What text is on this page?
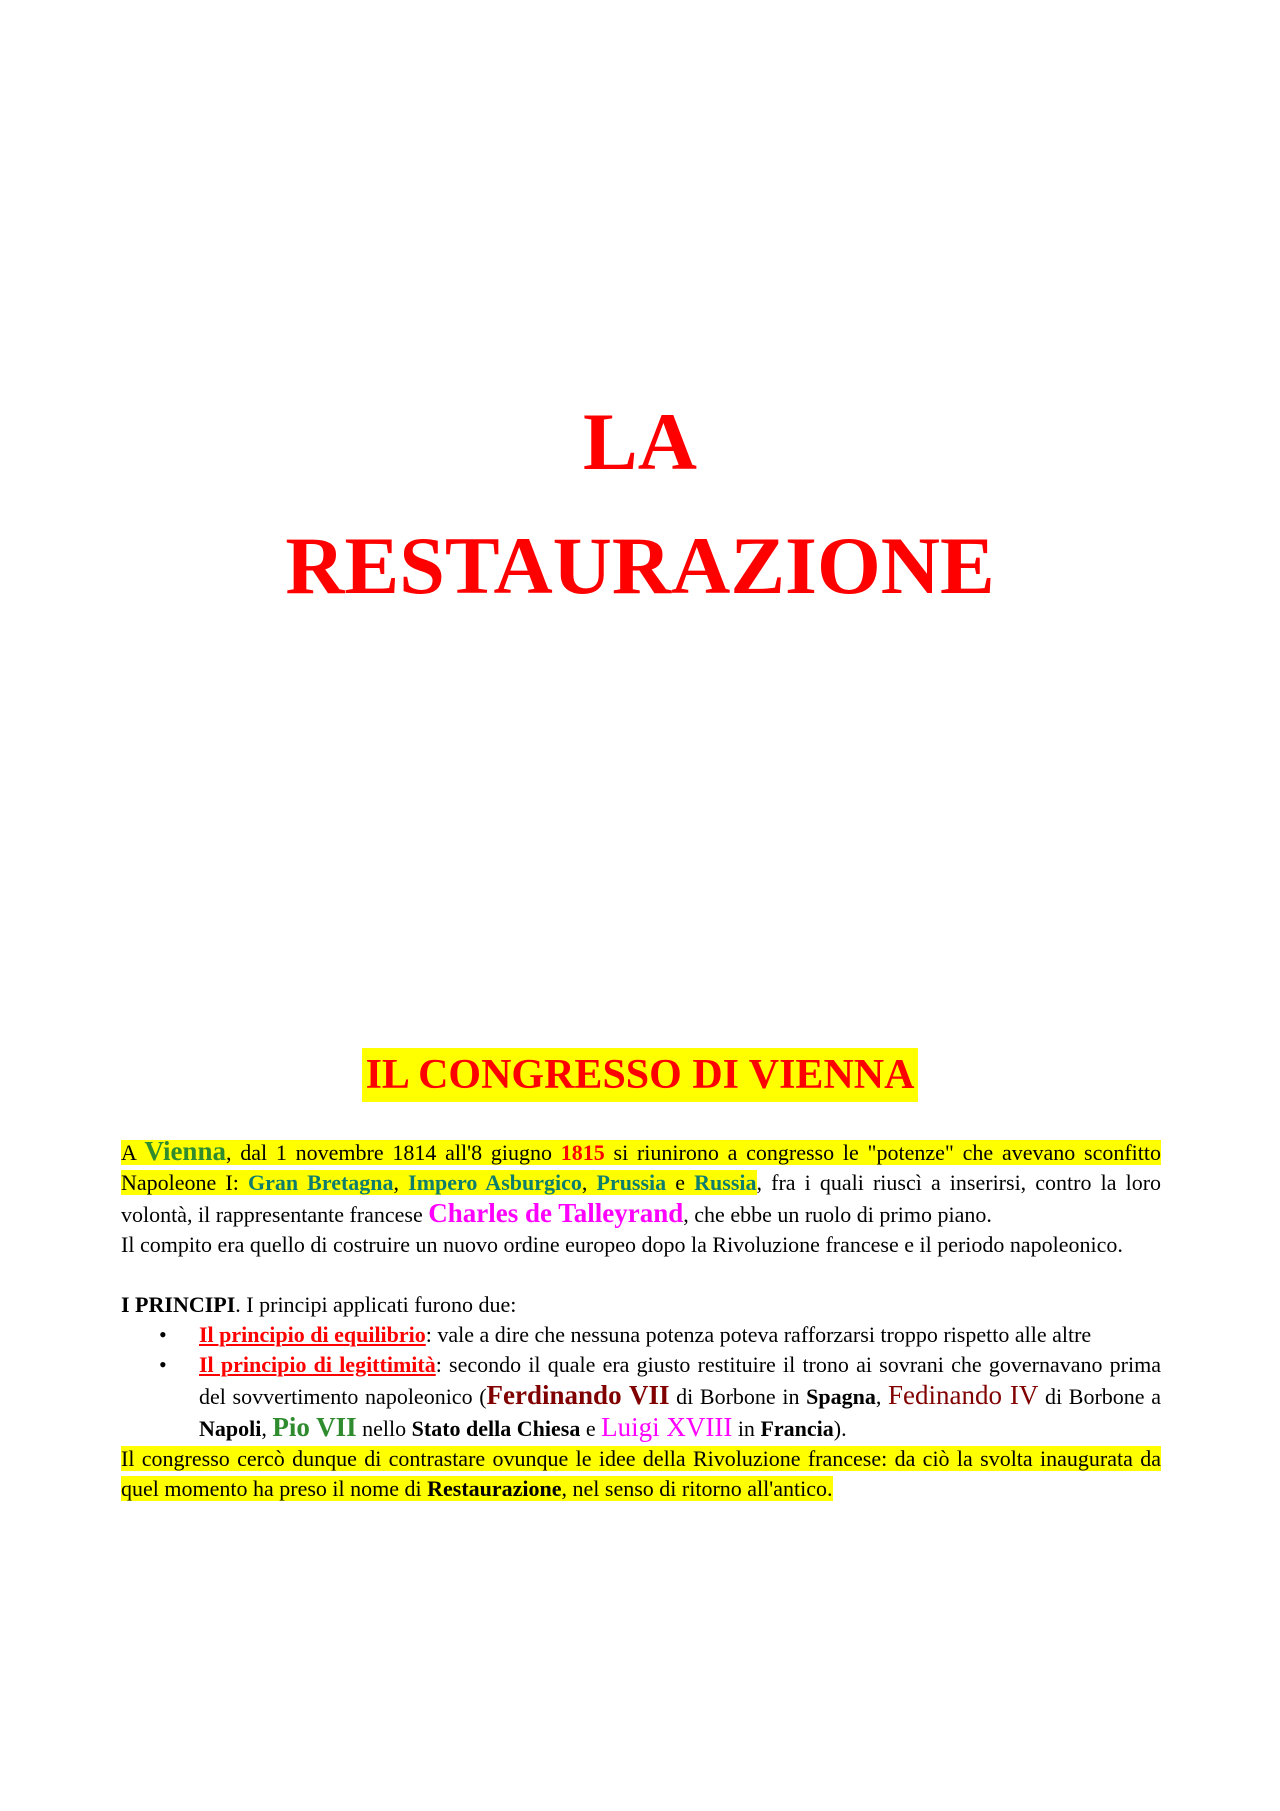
LA
RESTAURAZIONE
IL CONGRESSO DI VIENNA

A Vienna, dal 1 novembre 1814 all'8 giugno 1815 si riunirono a congresso le "potenze" che avevano sconfitto Napoleone I: Gran Bretagna, Impero Asburgico, Prussia e Russia, fra i quali riuscì a inserirsi, contro la loro volontà, il rappresentante francese Charles de Talleyrand, che ebbe un ruolo di primo piano.

Il compito era quello di costruire un nuovo ordine europeo dopo la Rivoluzione francese e il periodo napoleonico.

I PRINCIPI. I principi applicati furono due:

• Il principio di equilibrio: vale a dire che nessuna potenza poteva rafforzarsi troppo rispetto alle altre
• Il principio di legittimità: secondo il quale era giusto restituire il trono ai sovrani che governavano prima del sovvertimento napoleonico (Ferdinando VII di Borbone in Spagna, Fedinando IV di Borbone a Napoli, Pio VII nello Stato della Chiesa e Luigi XVIII in Francia).

Il congresso cercò dunque di contrastare ovunque le idee della Rivoluzione francese: da ciò la svolta inaugurata da quel momento ha preso il nome di Restaurazione, nel senso di ritorno all'antico.
